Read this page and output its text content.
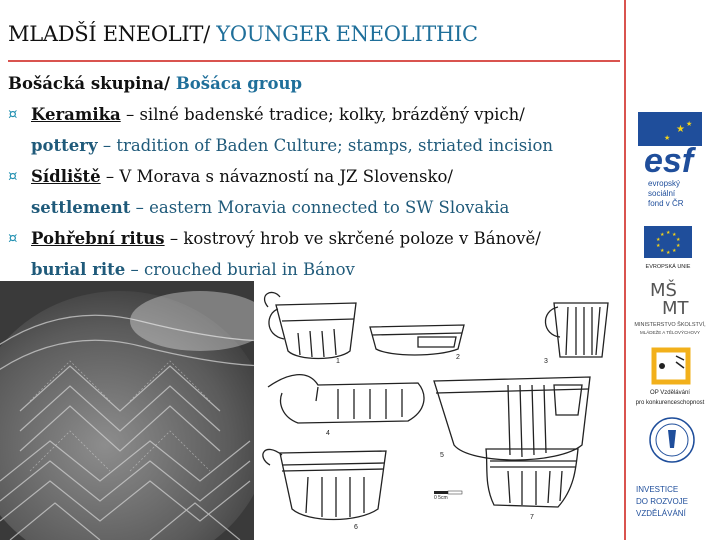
MLADŠÍ ENEOLIT/ YOUNGER ENEOLITHIC
Bošácká skupina/ Bošáca group
¤ Keramika – silné badenské tradice; kolky, brázděný vpich/
pottery – tradition of Baden Culture; stamps, striated incision
¤ Sídliště – V Morava s návazností na JZ Slovensko/
settlement – eastern Moravia connected to SW Slovakia
¤ Pohřební ritus – kostrový hrob ve skrčené poloze v Bánově/
burial rite – crouched burial in Bánov
1
2
3
4
5
6
7
0 5cm
★ ★
★
esf
evropský
sociální
fond v ČR
★ ★
★
★
★
★
★
★
★
★
EVROPSKÁ UNIE
MŠ
MT
MINISTERSTVO ŠKOLSTVÍ,
MLÁDEŽE A TĚLOVÝCHOVY
OP Vzdělávání
pro konkurenceschopnost
INVESTICE
DO ROZVOJE
VZDĚLÁVÁNÍ
